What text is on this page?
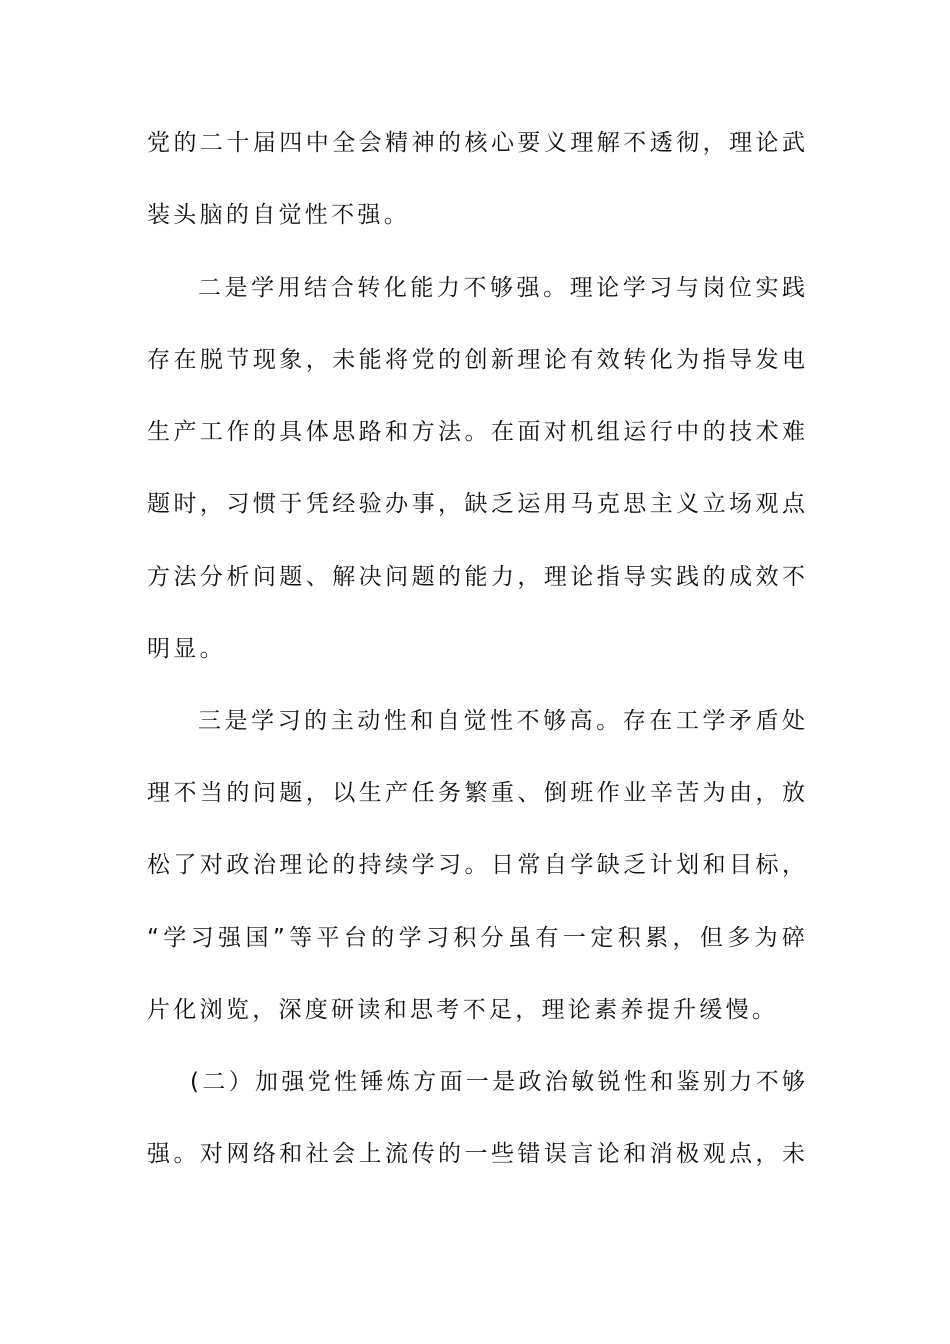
党的二十届四中全会精神的核心要义理解不透彻，理论武
装头脑的自觉性不强。
二是学用结合转化能力不够强。理论学习与岗位实践
存在脱节现象，未能将党的创新理论有效转化为指导发电
生产工作的具体思路和方法。在面对机组运行中的技术难
题时，习惯于凭经验办事，缺乏运用马克思主义立场观点
方法分析问题、解决问题的能力，理论指导实践的成效不
明显。
三是学习的主动性和自觉性不够高。存在工学矛盾处
理不当的问题，以生产任务繁重、倒班作业辛苦为由，放
松了对政治理论的持续学习。日常自学缺乏计划和目标，
“学习强国”等平台的学习积分虽有一定积累，但多为碎
片化浏览，深度研读和思考不足，理论素养提升缓慢。
(二）加强党性锤炼方面一是政治敏锐性和鉴别力不够
强。对网络和社会上流传的一些错误言论和消极观点，未
